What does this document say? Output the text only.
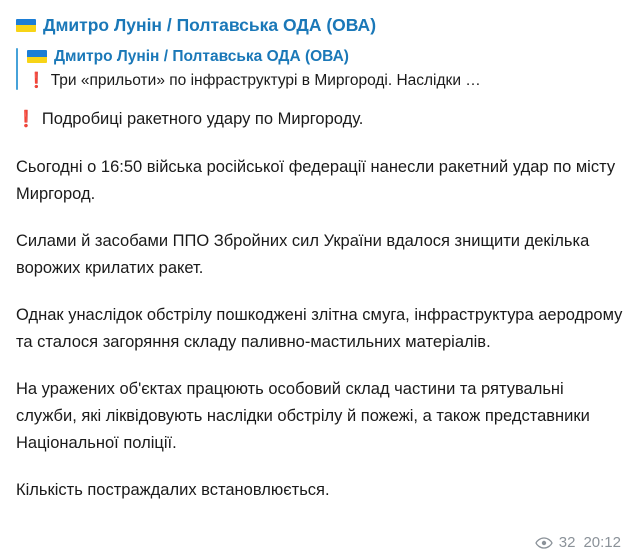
Дмитро Лунін / Полтавська ОДА (ОВА)
Дмитро Лунін / Полтавська ОДА (ОВА)
❗ Три «прильоти» по інфраструктурі в Миргороді. Наслідки …
❗ Подробиці ракетного удару по Миргороду.

Сьогодні о 16:50 війська російської федерації нанесли ракетний удар по місту Миргород.

Силами й засобами ППО Збройних сил України вдалося знищити декілька ворожих крилатих ракет.

Однак унаслідок обстрілу пошкоджені злітна смуга, інфраструктура аеродрому та сталося загоряння складу паливно-мастильних матеріалів.

На уражених об'єктах працюють особовий склад частини та рятувальні служби, які ліквідовують наслідки обстрілу й пожежі, а також представники Національної поліції.

Кількість постраждалих встановлюється.

32 20:12
